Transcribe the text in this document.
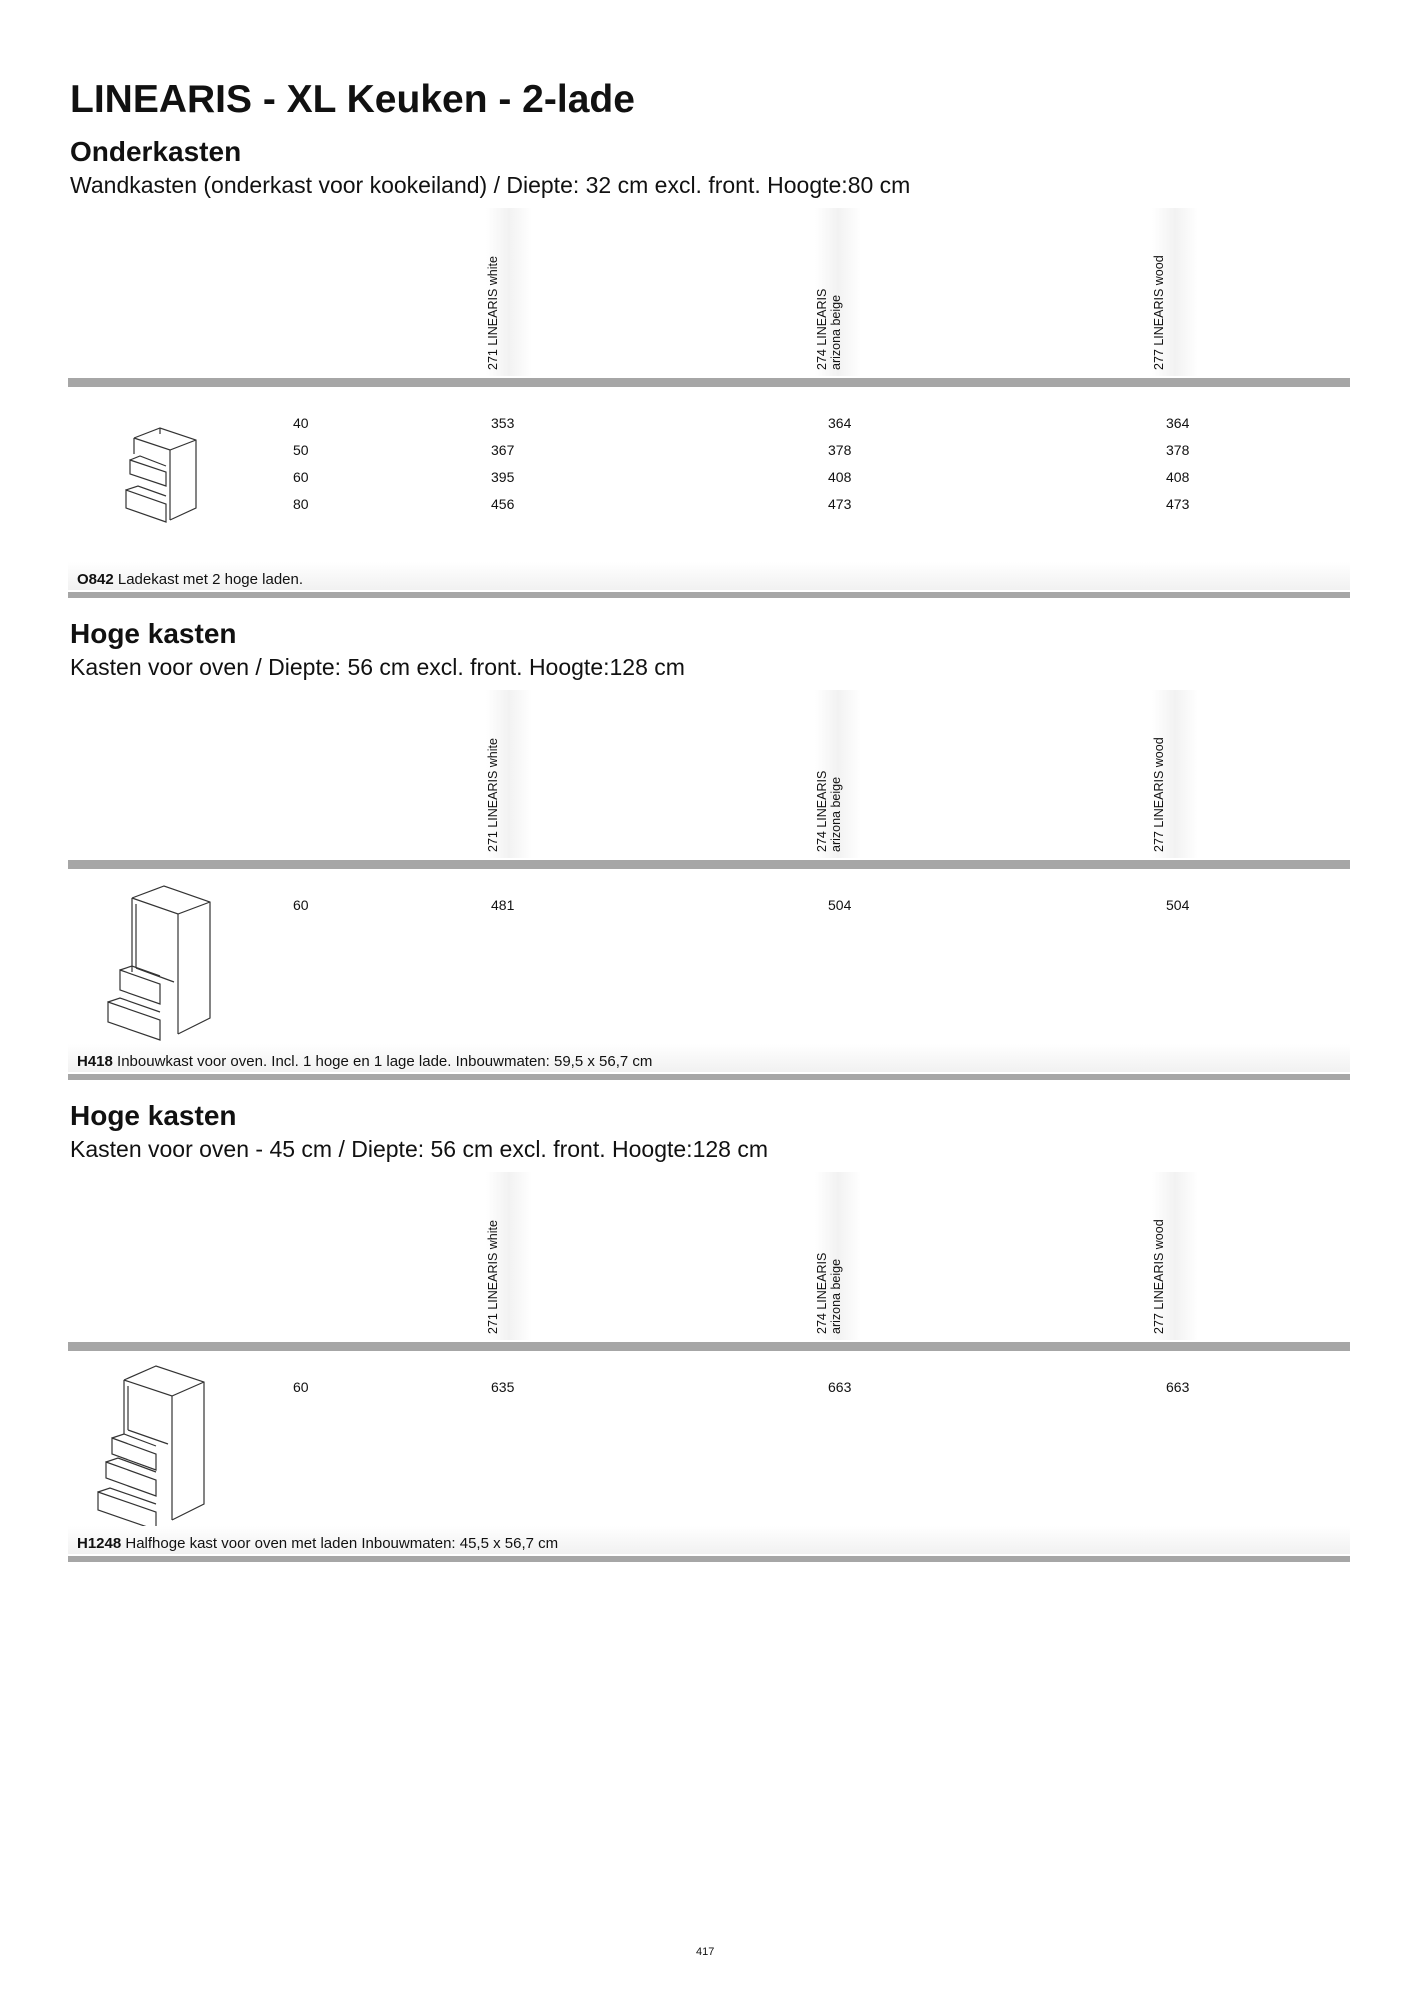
LINEARIS - XL Keuken - 2-lade
Onderkasten
Wandkasten (onderkast voor kookeiland) / Diepte: 32 cm excl. front. Hoogte:80 cm
271 LINEARIS white	274 LINEARIS
arizona beige	277 LINEARIS wood
40	353	364	364
50	367	378	378
60	395	408	408
80	456	473	473
O842 Ladekast met 2 hoge laden.
Hoge kasten
Kasten voor oven / Diepte: 56 cm excl. front. Hoogte:128 cm
271 LINEARIS white	274 LINEARIS
arizona beige	277 LINEARIS wood
60	481	504	504
H418 Inbouwkast voor oven. Incl. 1 hoge en 1 lage lade. Inbouwmaten: 59,5 x 56,7 cm
Hoge kasten
Kasten voor oven - 45 cm / Diepte: 56 cm excl. front. Hoogte:128 cm
271 LINEARIS white	274 LINEARIS
arizona beige	277 LINEARIS wood
60	635	663	663
H1248 Halfhoge kast voor oven met laden Inbouwmaten: 45,5 x 56,7 cm
417
